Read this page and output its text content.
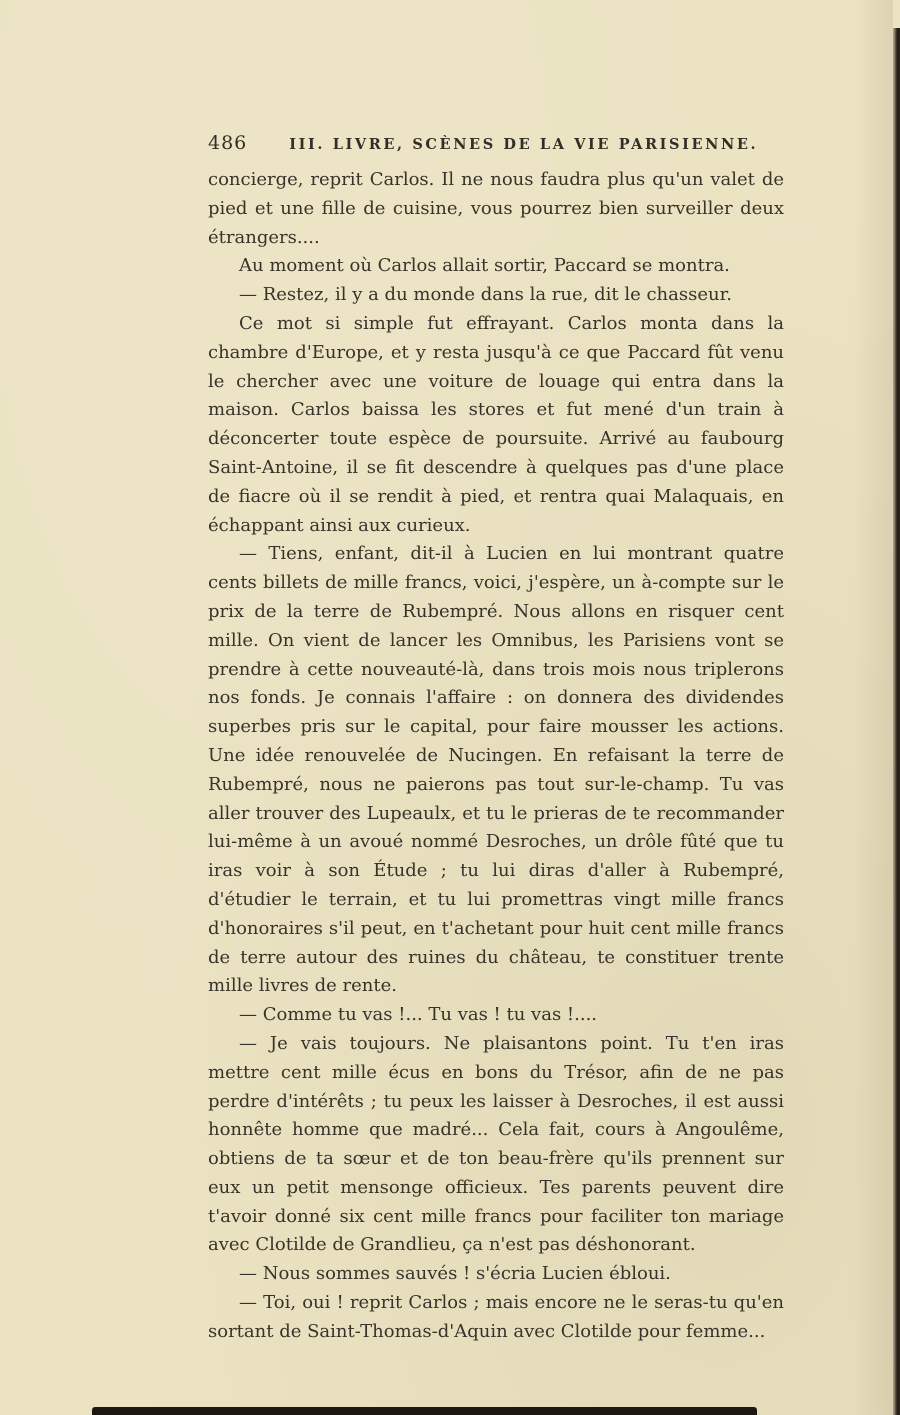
486	III. LIVRE, SCÈNES DE LA VIE PARISIENNE.

concierge, reprit Carlos. Il ne nous faudra plus qu'un valet de pied et une fille de cuisine, vous pourrez bien surveiller deux étrangers....

Au moment où Carlos allait sortir, Paccard se montra.

— Restez, il y a du monde dans la rue, dit le chasseur.

Ce mot si simple fut effrayant. Carlos monta dans la chambre d'Europe, et y resta jusqu'à ce que Paccard fût venu le chercher avec une voiture de louage qui entra dans la maison. Carlos baissa les stores et fut mené d'un train à déconcerter toute espèce de poursuite. Arrivé au faubourg Saint-Antoine, il se fit descendre à quelques pas d'une place de fiacre où il se rendit à pied, et rentra quai Malaquais, en échappant ainsi aux curieux.

— Tiens, enfant, dit-il à Lucien en lui montrant quatre cents billets de mille francs, voici, j'espère, un à-compte sur le prix de la terre de Rubempré. Nous allons en risquer cent mille. On vient de lancer les Omnibus, les Parisiens vont se prendre à cette nouveauté-là, dans trois mois nous triplerons nos fonds. Je connais l'affaire : on donnera des dividendes superbes pris sur le capital, pour faire mousser les actions. Une idée renouvelée de Nucingen. En refaisant la terre de Rubempré, nous ne paierons pas tout sur-le-champ. Tu vas aller trouver des Lupeaulx, et tu le prieras de te recommander lui-même à un avoué nommé Desroches, un drôle fûté que tu iras voir à son Étude ; tu lui diras d'aller à Rubempré, d'étudier le terrain, et tu lui promettras vingt mille francs d'honoraires s'il peut, en t'achetant pour huit cent mille francs de terre autour des ruines du château, te constituer trente mille livres de rente.

— Comme tu vas !... Tu vas ! tu vas !....

— Je vais toujours. Ne plaisantons point. Tu t'en iras mettre cent mille écus en bons du Trésor, afin de ne pas perdre d'intérêts ; tu peux les laisser à Desroches, il est aussi honnête homme que madré... Cela fait, cours à Angoulême, obtiens de ta sœur et de ton beau-frère qu'ils prennent sur eux un petit mensonge officieux. Tes parents peuvent dire t'avoir donné six cent mille francs pour faciliter ton mariage avec Clotilde de Grandlieu, ça n'est pas déshonorant.

— Nous sommes sauvés ! s'écria Lucien ébloui.

— Toi, oui ! reprit Carlos ; mais encore ne le seras-tu qu'en sortant de Saint-Thomas-d'Aquin avec Clotilde pour femme...
